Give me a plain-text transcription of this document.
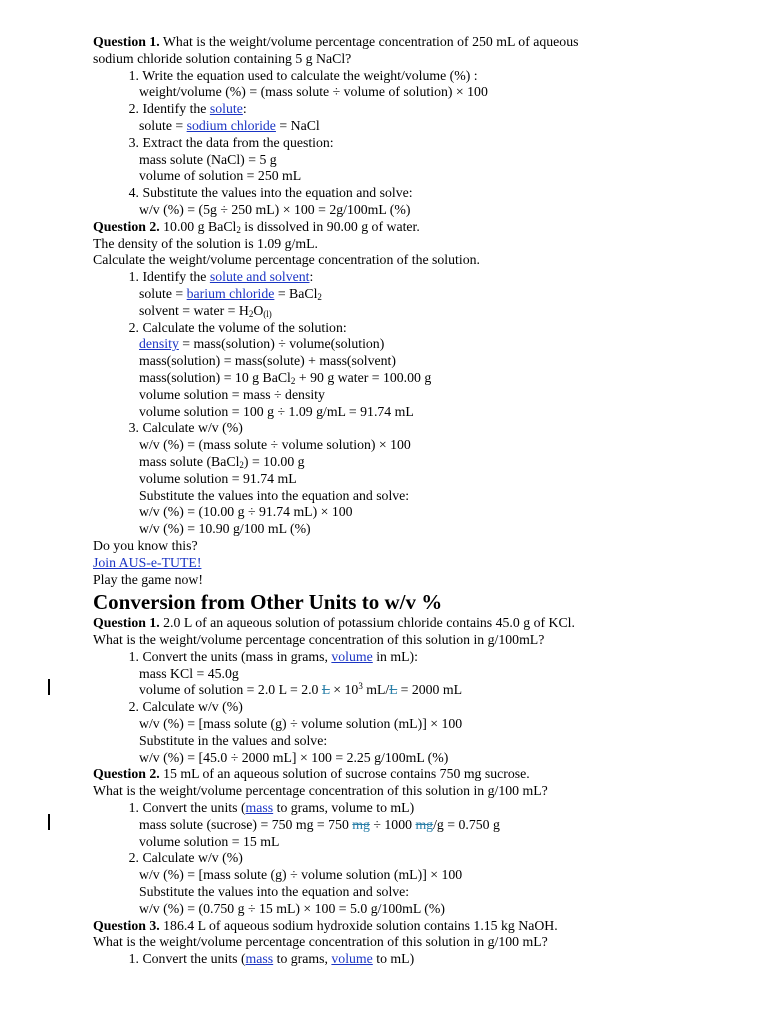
Question 1. What is the weight/volume percentage concentration of 250 mL of aqueous
sodium chloride solution containing 5 g NaCl?
1. Write the equation used to calculate the weight/volume (%) :
weight/volume (%) = (mass solute ÷ volume of solution) × 100
2. Identify the solute:
solute = sodium chloride = NaCl
3. Extract the data from the question:
mass solute (NaCl) = 5 g
volume of solution = 250 mL
4. Substitute the values into the equation and solve:
w/v (%) = (5g ÷ 250 mL) × 100 = 2g/100mL (%)
Question 2. 10.00 g BaCl$_2$ is dissolved in 90.00 g of water.
The density of the solution is 1.09 g/mL.
Calculate the weight/volume percentage concentration of the solution.
1. Identify the solute and solvent:
solute = barium chloride = BaCl$_2$
solvent = water = $H_2O_{(l)}$
2. Calculate the volume of the solution:
density = mass(solution) ÷ volume(solution)
mass(solution) = mass(solute) + mass(solvent)
mass(solution) = 10 g BaCl$_2$ + 90 g water = 100.00 g
volume solution = mass ÷ density
volume solution = 100 g ÷ 1.09 g/mL = 91.74 mL
3. Calculate w/v (%)
w/v (%) = (mass solute ÷ volume solution) × 100
mass solute (BaCl$_2$) = 10.00 g
volume solution = 91.74 mL
Substitute the values into the equation and solve:
w/v (%) = (10.00 g ÷ 91.74 mL) × 100
w/v (%) = 10.90 g/100 mL (%)
Do you know this?
Join AUS-e-TUTE!
Play the game now!
Conversion from Other Units to w/v %
Question 1. 2.0 L of an aqueous solution of potassium chloride contains 45.0 g of KCl.
What is the weight/volume percentage concentration of this solution in g/100mL?
1. Convert the units (mass in grams, volume in mL):
mass KCl = 45.0g
volume of solution = 2.0 L = 2.0 $L \times 10^3$ mL/L = 2000 mL
2. Calculate w/v (%)
w/v (%) = [mass solute (g) ÷ volume solution (mL)] × 100
Substitute in the values and solve:
w/v (%) = [45.0 ÷ 2000 mL] × 100 = 2.25 g/100mL (%)
Question 2. 15 mL of an aqueous solution of sucrose contains 750 mg sucrose.
What is the weight/volume percentage concentration of this solution in g/100 mL?
1. Convert the units (mass to grams, volume to mL)
mass solute (sucrose) = 750 mg = 750 mg ÷ 1000 mg/g = 0.750 g
volume solution = 15 mL
2. Calculate w/v (%)
w/v (%) = [mass solute (g) ÷ volume solution (mL)] × 100
Substitute the values into the equation and solve:
w/v (%) = (0.750 g ÷ 15 mL) × 100 = 5.0 g/100mL (%)
Question 3. 186.4 L of aqueous sodium hydroxide solution contains 1.15 kg NaOH.
What is the weight/volume percentage concentration of this solution in g/100 mL?
1. Convert the units (mass to grams, volume to mL)
